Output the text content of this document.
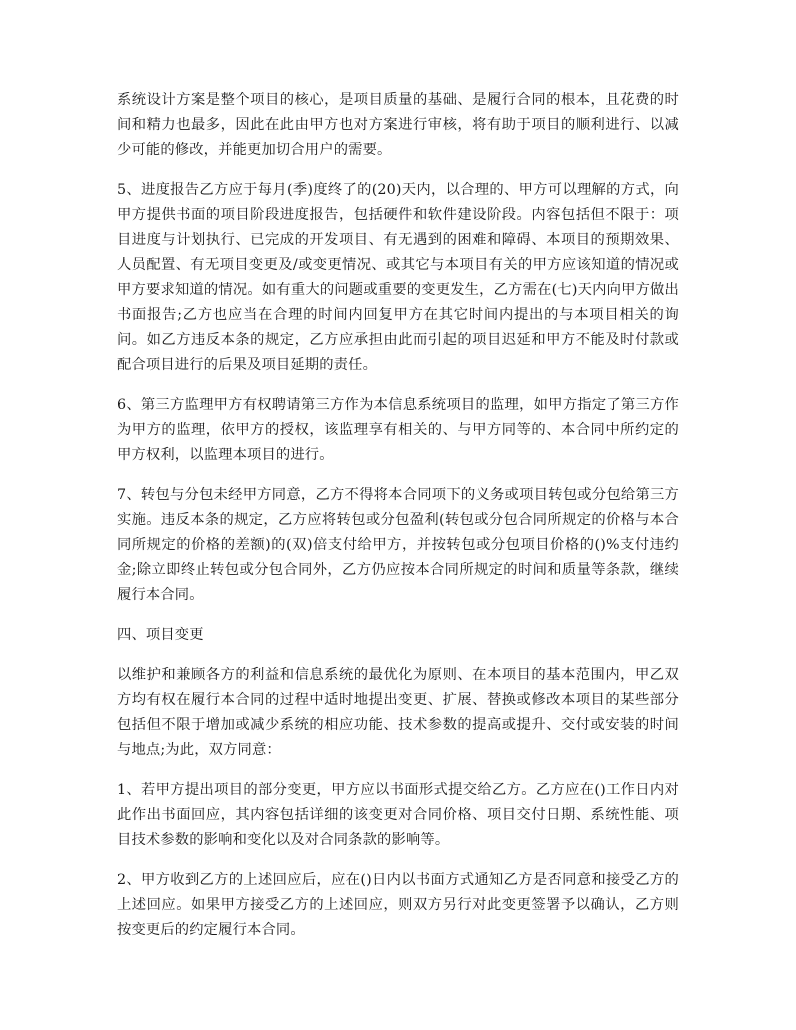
系统设计方案是整个项目的核心，是项目质量的基础、是履行合同的根本，且花费的时间和精力也最多，因此在此由甲方也对方案进行审核，将有助于项目的顺利进行、以减少可能的修改，并能更加切合用户的需要。

5、进度报告乙方应于每月(季)度终了的(20)天内，以合理的、甲方可以理解的方式，向甲方提供书面的项目阶段进度报告，包括硬件和软件建设阶段。内容包括但不限于：项目进度与计划执行、已完成的开发项目、有无遇到的困难和障碍、本项目的预期效果、人员配置、有无项目变更及/或变更情况、或其它与本项目有关的甲方应该知道的情况或甲方要求知道的情况。如有重大的问题或重要的变更发生，乙方需在(七)天内向甲方做出书面报告;乙方也应当在合理的时间内回复甲方在其它时间内提出的与本项目相关的询问。如乙方违反本条的规定，乙方应承担由此而引起的项目迟延和甲方不能及时付款或配合项目进行的后果及项目延期的责任。

6、第三方监理甲方有权聘请第三方作为本信息系统项目的监理，如甲方指定了第三方作为甲方的监理，依甲方的授权，该监理享有相关的、与甲方同等的、本合同中所约定的甲方权利，以监理本项目的进行。

7、转包与分包未经甲方同意，乙方不得将本合同项下的义务或项目转包或分包给第三方实施。违反本条的规定，乙方应将转包或分包盈利(转包或分包合同所规定的价格与本合同所规定的价格的差额)的(双)倍支付给甲方，并按转包或分包项目价格的()%支付违约金;除立即终止转包或分包合同外，乙方仍应按本合同所规定的时间和质量等条款，继续履行本合同。

四、项目变更

以维护和兼顾各方的利益和信息系统的最优化为原则、在本项目的基本范围内，甲乙双方均有权在履行本合同的过程中适时地提出变更、扩展、替换或修改本项目的某些部分包括但不限于增加或减少系统的相应功能、技术参数的提高或提升、交付或安装的时间与地点;为此，双方同意：

1、若甲方提出项目的部分变更，甲方应以书面形式提交给乙方。乙方应在()工作日内对此作出书面回应，其内容包括详细的该变更对合同价格、项目交付日期、系统性能、项目技术参数的影响和变化以及对合同条款的影响等。

2、甲方收到乙方的上述回应后，应在()日内以书面方式通知乙方是否同意和接受乙方的上述回应。如果甲方接受乙方的上述回应，则双方另行对此变更签署予以确认，乙方则按变更后的约定履行本合同。
